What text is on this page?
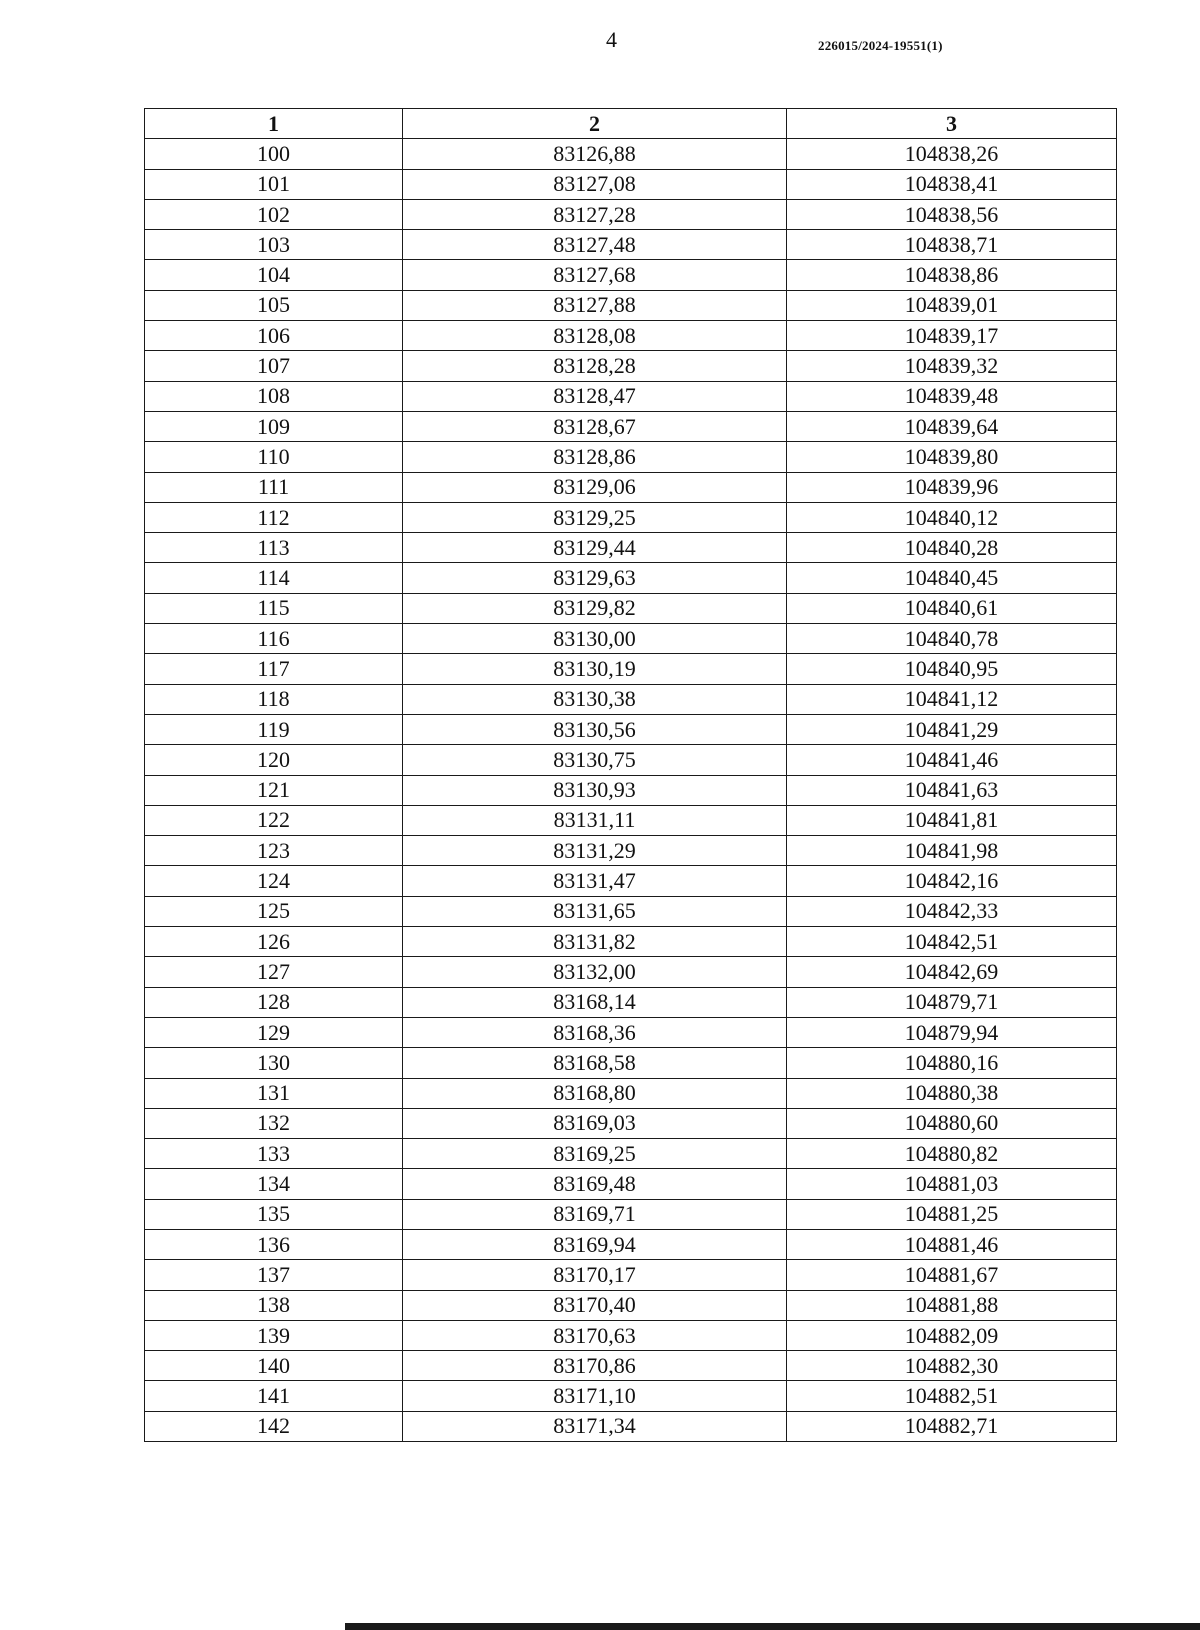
4	226015/2024-19551(1)
1	2	3
100	83126,88	104838,26
101	83127,08	104838,41
102	83127,28	104838,56
103	83127,48	104838,71
104	83127,68	104838,86
105	83127,88	104839,01
106	83128,08	104839,17
107	83128,28	104839,32
108	83128,47	104839,48
109	83128,67	104839,64
110	83128,86	104839,80
111	83129,06	104839,96
112	83129,25	104840,12
113	83129,44	104840,28
114	83129,63	104840,45
115	83129,82	104840,61
116	83130,00	104840,78
117	83130,19	104840,95
118	83130,38	104841,12
119	83130,56	104841,29
120	83130,75	104841,46
121	83130,93	104841,63
122	83131,11	104841,81
123	83131,29	104841,98
124	83131,47	104842,16
125	83131,65	104842,33
126	83131,82	104842,51
127	83132,00	104842,69
128	83168,14	104879,71
129	83168,36	104879,94
130	83168,58	104880,16
131	83168,80	104880,38
132	83169,03	104880,60
133	83169,25	104880,82
134	83169,48	104881,03
135	83169,71	104881,25
136	83169,94	104881,46
137	83170,17	104881,67
138	83170,40	104881,88
139	83170,63	104882,09
140	83170,86	104882,30
141	83171,10	104882,51
142	83171,34	104882,71
